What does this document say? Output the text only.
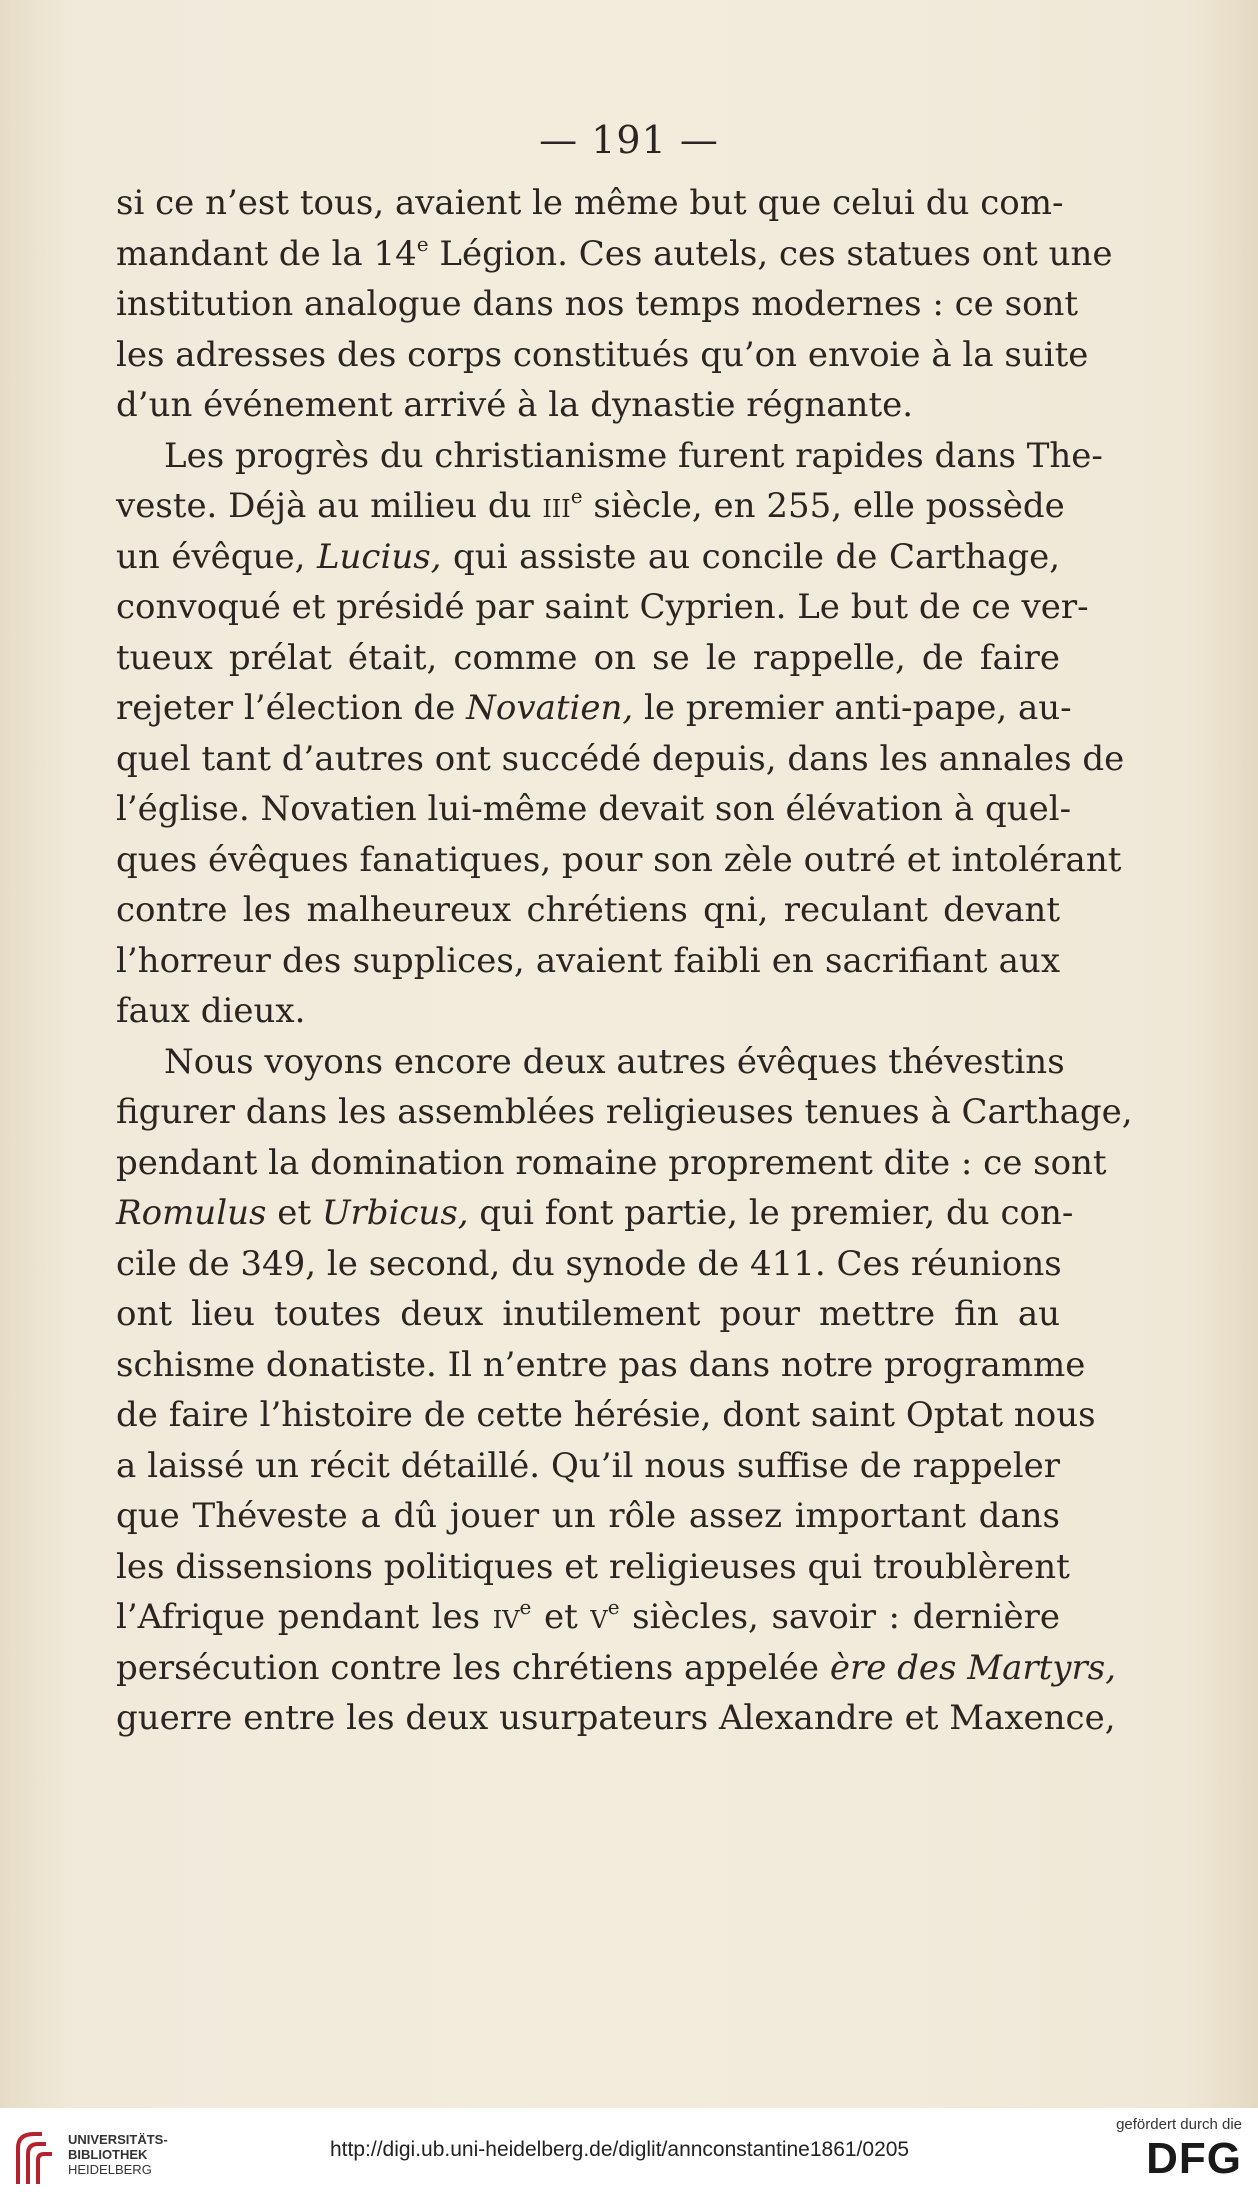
— 191 —
si ce n’est tous, avaient le même but que celui du com-
mandant de la 14e Légion. Ces autels, ces statues ont une
institution analogue dans nos temps modernes : ce sont
les adresses des corps constitués qu’on envoie à la suite
d’un événement arrivé à la dynastie régnante.
Les progrès du christianisme furent rapides dans The-
veste. Déjà au milieu du IIIe siècle, en 255, elle possède
un évêque, Lucius, qui assiste au concile de Carthage,
convoqué et présidé par saint Cyprien. Le but de ce ver-
tueux prélat était, comme on se le rappelle, de faire
rejeter l’élection de Novatien, le premier anti-pape, au-
quel tant d’autres ont succédé depuis, dans les annales de
l’église. Novatien lui-même devait son élévation à quel-
ques évêques fanatiques, pour son zèle outré et intolérant
contre les malheureux chrétiens qni, reculant devant
l’horreur des supplices, avaient faibli en sacrifiant aux
faux dieux.
Nous voyons encore deux autres évêques thévestins
figurer dans les assemblées religieuses tenues à Carthage,
pendant la domination romaine proprement dite : ce sont
Romulus et Urbicus, qui font partie, le premier, du con-
cile de 349, le second, du synode de 411. Ces réunions
ont lieu toutes deux inutilement pour mettre fin au
schisme donatiste. Il n’entre pas dans notre programme
de faire l’histoire de cette hérésie, dont saint Optat nous
a laissé un récit détaillé. Qu’il nous suffise de rappeler
que Théveste a dû jouer un rôle assez important dans
les dissensions politiques et religieuses qui troublèrent
l’Afrique pendant les IVe et Ve siècles, savoir : dernière
persécution contre les chrétiens appelée ère des Martyrs,
guerre entre les deux usurpateurs Alexandre et Maxence,
UNIVERSITÄTS-
BIBLIOTHEK
HEIDELBERG
http://digi.ub.uni-heidelberg.de/diglit/annconstantine1861/0205
gefördert durch die
DFG
